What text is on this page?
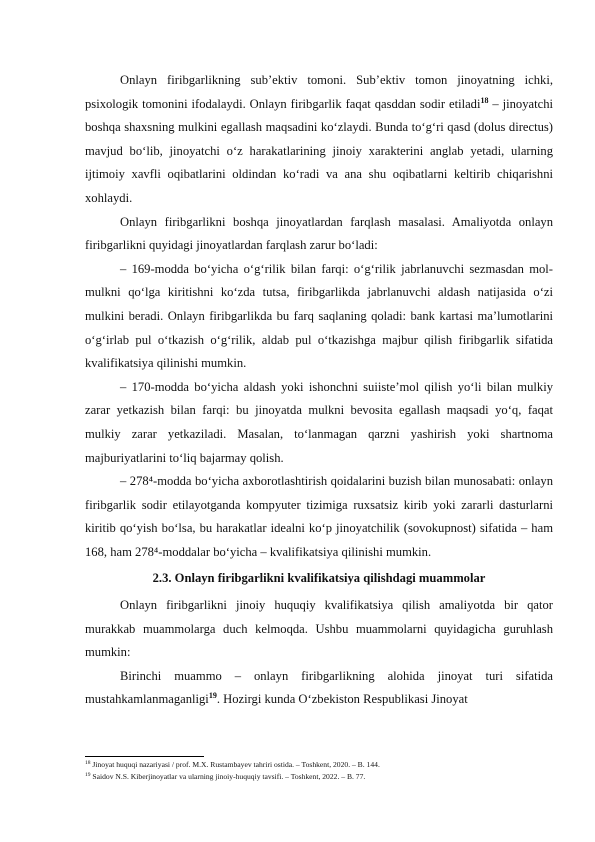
Onlayn firibgarlikning sub’ektiv tomoni. Sub’ektiv tomon jinoyatning ichki, psixologik tomonini ifodalaydi. Onlayn firibgarlik faqat qasddan sodir etiladi$^{18}$ – jinoyatchi boshqa shaxsning mulkini egallash maqsadini ko‘zlaydi. Bunda to‘g‘ri qasd (dolus directus) mavjud bo‘lib, jinoyatchi o‘z harakatlarining jinoiy xarakterini anglab yetadi, ularning ijtimoiy xavfli oqibatlarini oldindan ko‘radi va ana shu oqibatlarni keltirib chiqarishni xohlaydi.

Onlayn firibgarlikni boshqa jinoyatlardan farqlash masalasi. Amaliyotda onlayn firibgarlikni quyidagi jinoyatlardan farqlash zarur bo‘ladi:

– 169-modda bo‘yicha o‘g‘rilik bilan farqi: o‘g‘rilik jabrlanuvchi sezmasdan mol-mulkni qo‘lga kiritishni ko‘zda tutsa, firibgarlikda jabrlanuvchi aldash natijasida o‘zi mulkini beradi. Onlayn firibgarlikda bu farq saqlaning qoladi: bank kartasi ma’lumotlarini o‘g‘irlab pul o‘tkazish o‘g‘rilik, aldab pul o‘tkazishga majbur qilish firibgarlik sifatida kvalifikatsiya qilinishi mumkin.

– 170-modda bo‘yicha aldash yoki ishonchni suiiste’mol qilish yo‘li bilan mulkiy zarar yetkazish bilan farqi: bu jinoyatda mulkni bevosita egallash maqsadi yo‘q, faqat mulkiy zarar yetkaziladi. Masalan, to‘lanmagan qarzni yashirish yoki shartnoma majburiyatlarini to‘liq bajarmay qolish.

– 278⁴-modda bo‘yicha axborotlashtirish qoidalarini buzish bilan munosabati: onlayn firibgarlik sodir etilayotganda kompyuter tizimiga ruxsatsiz kirib yoki zararli dasturlarni kiritib qo‘yish bo‘lsa, bu harakatlar idealni ko‘p jinoyatchilik (sovokupnost) sifatida – ham 168, ham 278⁴-moddalar bo‘yicha – kvalifikatsiya qilinishi mumkin.

2.3. Onlayn firibgarlikni kvalifikatsiya qilishdagi muammolar

Onlayn firibgarlikni jinoiy huquqiy kvalifikatsiya qilish amaliyotda bir qator murakkab muammolarga duch kelmoqda. Ushbu muammolarni quyidagicha guruhlash mumkin:

Birinchi muammo – onlayn firibgarlikning alohida jinoyat turi sifatida mustahkamlanmaganligi$^{19}$. Hozirgi kunda O‘zbekiston Respublikasi Jinoyat

$^{18}$ Jinoyat huquqi nazariyasi / prof. M.X. Rustambayev tahriri ostida. – Toshkent, 2020. – B. 144.

$^{19}$ Saidov N.S. Kiberjinoyatlar va ularning jinoiy-huquqiy tavsifi. – Toshkent, 2022. – B. 77.
